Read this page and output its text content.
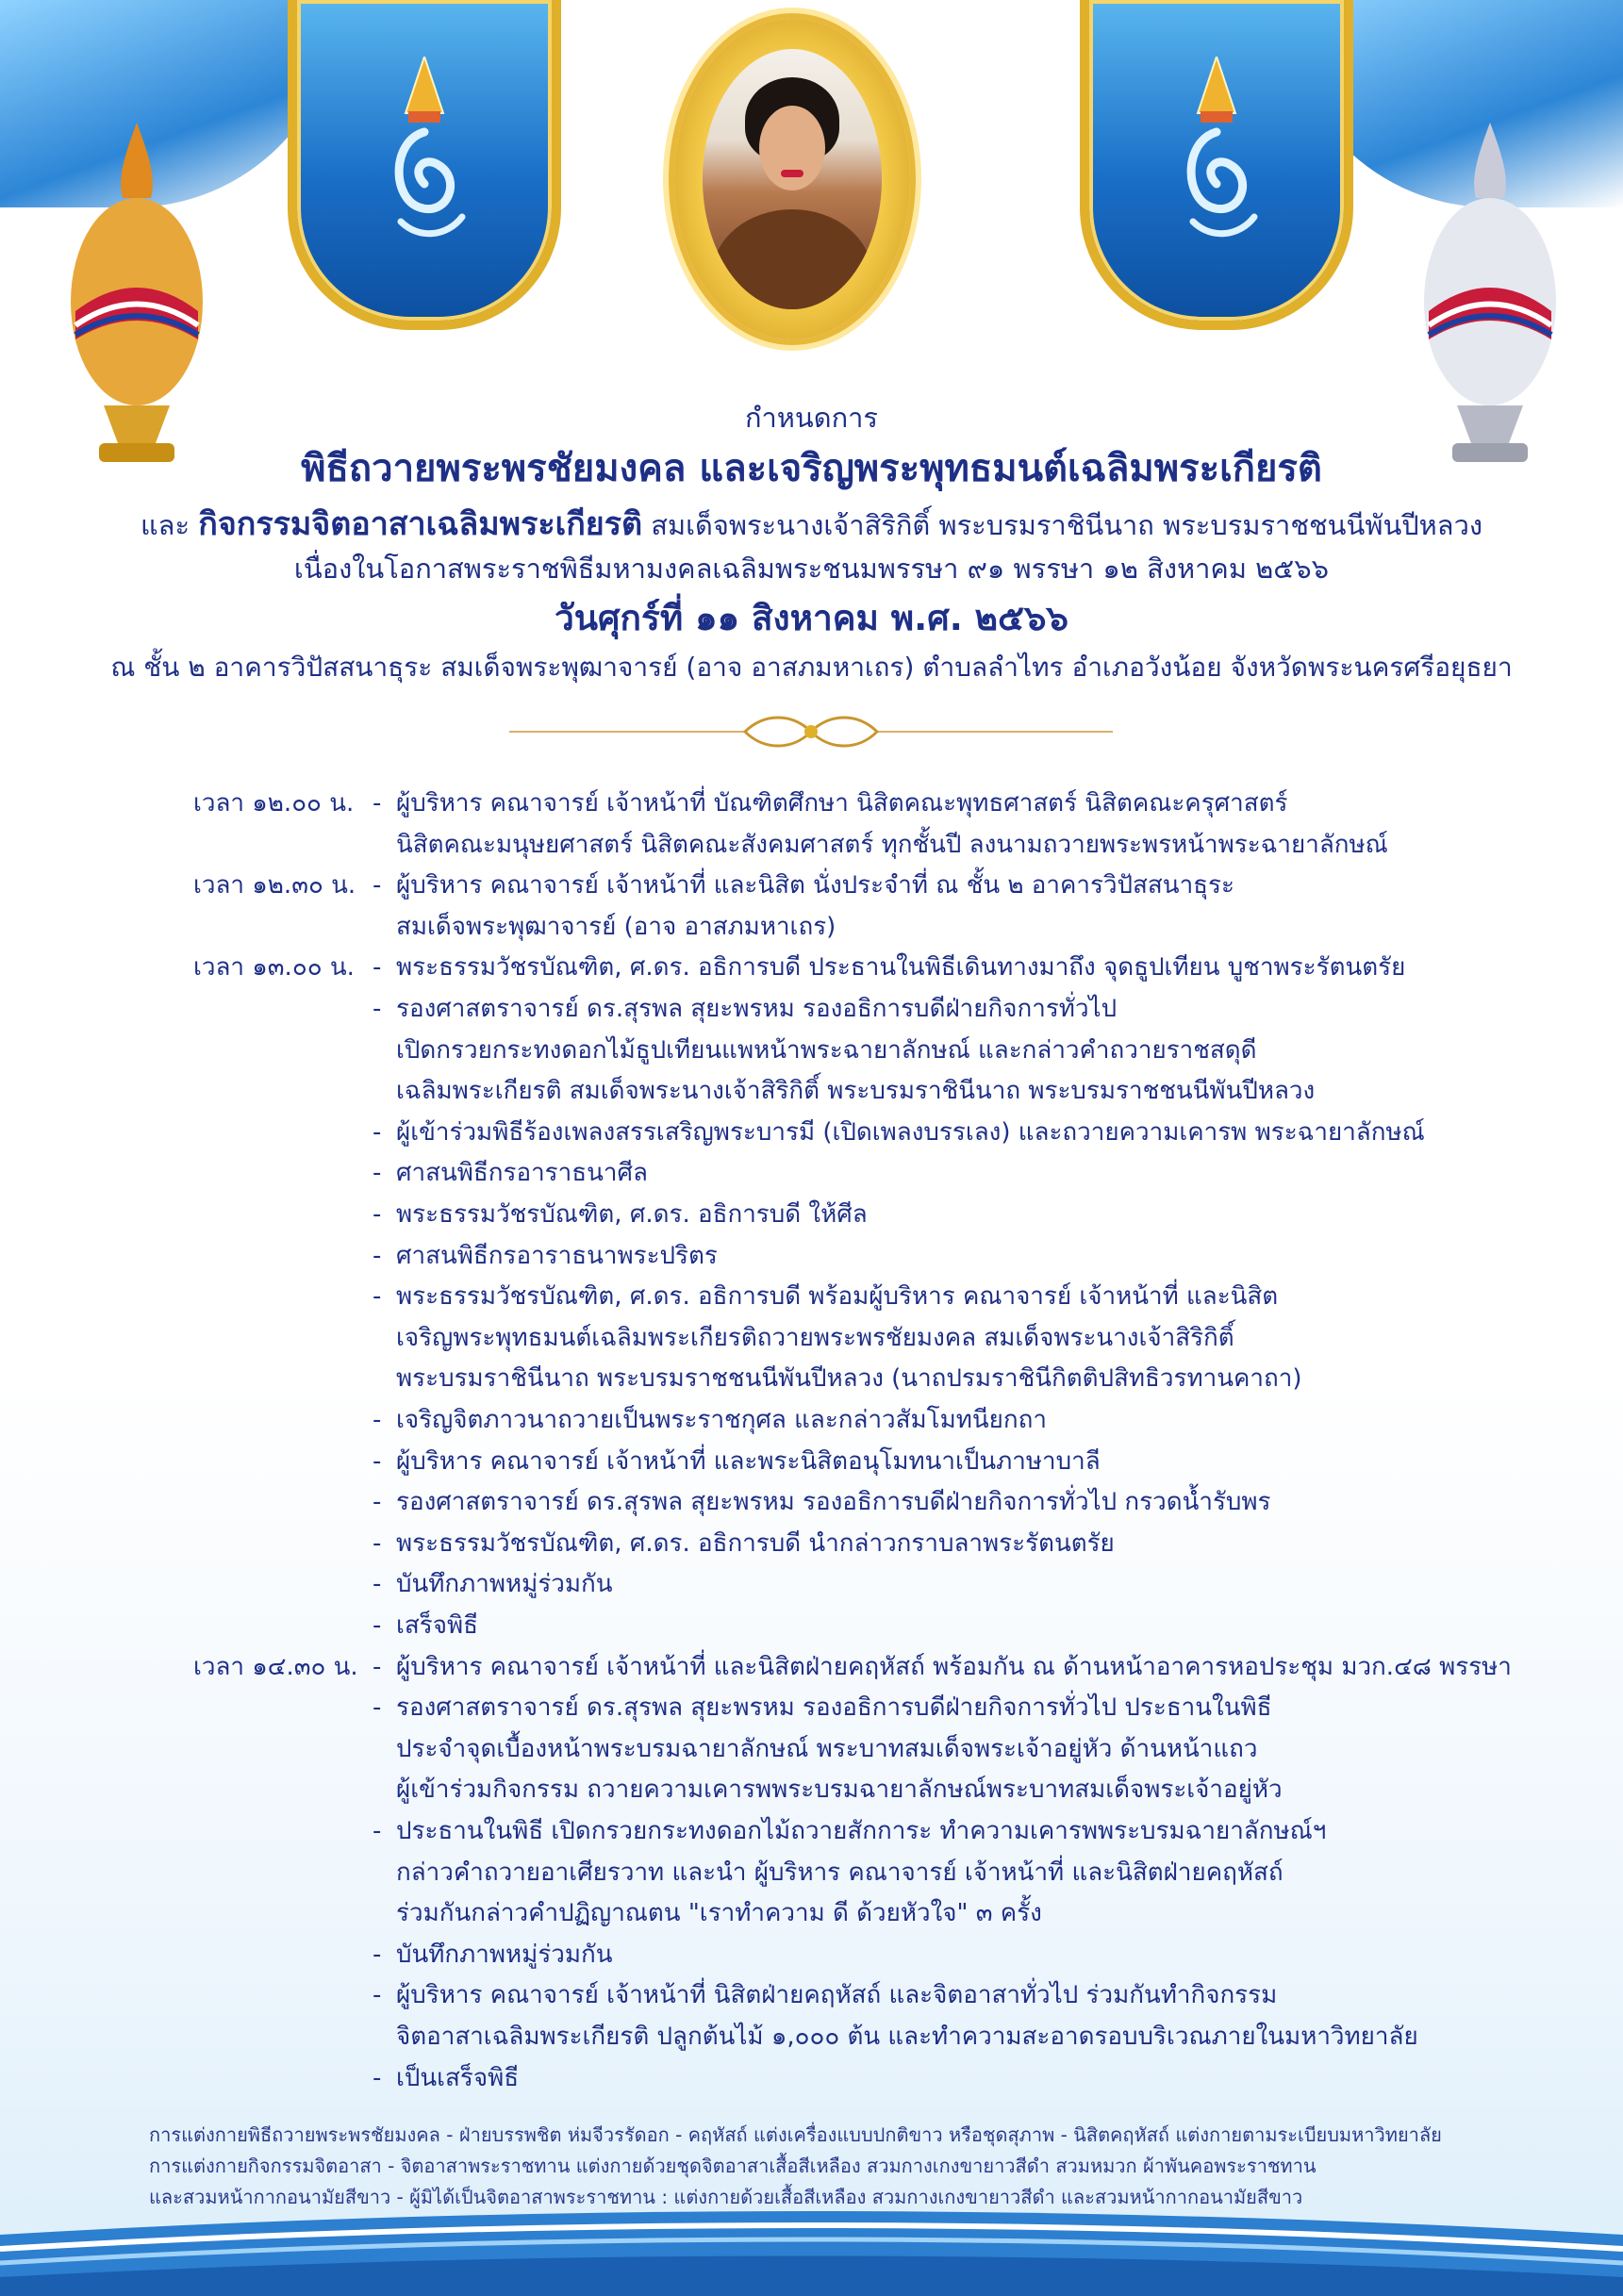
กำหนดการ
พิธีถวายพระพรชัยมงคล และเจริญพระพุทธมนต์เฉลิมพระเกียรติ
และ กิจกรรมจิตอาสาเฉลิมพระเกียรติ สมเด็จพระนางเจ้าสิริกิติ์ พระบรมราชินีนาถ พระบรมราชชนนีพันปีหลวง
เนื่องในโอกาสพระราชพิธีมหามงคลเฉลิมพระชนมพรรษา ๙๑ พรรษา ๑๒ สิงหาคม ๒๕๖๖
วันศุกร์ที่ ๑๑ สิงหาคม พ.ศ. ๒๕๖๖
ณ ชั้น ๒ อาคารวิปัสสนาธุระ สมเด็จพระพุฒาจารย์ (อาจ อาสภมหาเถร) ตำบลลำไทร อำเภอวังน้อย จังหวัดพระนครศรีอยุธยา
เวลา ๑๒.๐๐ น. - ผู้บริหาร คณาจารย์ เจ้าหน้าที่ บัณฑิตศึกษา นิสิตคณะพุทธศาสตร์ นิสิตคณะครุศาสตร์
นิสิตคณะมนุษยศาสตร์ นิสิตคณะสังคมศาสตร์ ทุกชั้นปี ลงนามถวายพระพรหน้าพระฉายาลักษณ์
เวลา ๑๒.๓๐ น. - ผู้บริหาร คณาจารย์ เจ้าหน้าที่ และนิสิต นั่งประจำที่ ณ ชั้น ๒ อาคารวิปัสสนาธุระ
สมเด็จพระพุฒาจารย์ (อาจ อาสภมหาเถร)
เวลา ๑๓.๐๐ น. - พระธรรมวัชรบัณฑิต, ศ.ดร. อธิการบดี ประธานในพิธีเดินทางมาถึง จุดธูปเทียน บูชาพระรัตนตรัย
- รองศาสตราจารย์ ดร.สุรพล สุยะพรหม รองอธิการบดีฝ่ายกิจการทั่วไป
เปิดกรวยกระทงดอกไม้ธูปเทียนแพหน้าพระฉายาลักษณ์ และกล่าวคำถวายราชสดุดี
เฉลิมพระเกียรติ สมเด็จพระนางเจ้าสิริกิติ์ พระบรมราชินีนาถ พระบรมราชชนนีพันปีหลวง
- ผู้เข้าร่วมพิธีร้องเพลงสรรเสริญพระบารมี (เปิดเพลงบรรเลง) และถวายความเคารพ พระฉายาลักษณ์
- ศาสนพิธีกรอาราธนาศีล
- พระธรรมวัชรบัณฑิต, ศ.ดร. อธิการบดี ให้ศีล
- ศาสนพิธีกรอาราธนาพระปริตร
- พระธรรมวัชรบัณฑิต, ศ.ดร. อธิการบดี พร้อมผู้บริหาร คณาจารย์ เจ้าหน้าที่ และนิสิต
เจริญพระพุทธมนต์เฉลิมพระเกียรติถวายพระพรชัยมงคล สมเด็จพระนางเจ้าสิริกิติ์
พระบรมราชินีนาถ พระบรมราชชนนีพันปีหลวง (นาถปรมราชินีกิตติปสิทธิวรทานคาถา)
- เจริญจิตภาวนาถวายเป็นพระราชกุศล และกล่าวสัมโมทนียกถา
- ผู้บริหาร คณาจารย์ เจ้าหน้าที่ และพระนิสิตอนุโมทนาเป็นภาษาบาลี
- รองศาสตราจารย์ ดร.สุรพล สุยะพรหม รองอธิการบดีฝ่ายกิจการทั่วไป กรวดน้ำรับพร
- พระธรรมวัชรบัณฑิต, ศ.ดร. อธิการบดี นำกล่าวกราบลาพระรัตนตรัย
- บันทึกภาพหมู่ร่วมกัน
- เสร็จพิธี
เวลา ๑๔.๓๐ น. - ผู้บริหาร คณาจารย์ เจ้าหน้าที่ และนิสิตฝ่ายคฤหัสถ์ พร้อมกัน ณ ด้านหน้าอาคารหอประชุม มวก.๔๘ พรรษา
- รองศาสตราจารย์ ดร.สุรพล สุยะพรหม รองอธิการบดีฝ่ายกิจการทั่วไป ประธานในพิธี
ประจำจุดเบื้องหน้าพระบรมฉายาลักษณ์ พระบาทสมเด็จพระเจ้าอยู่หัว ด้านหน้าแถว
ผู้เข้าร่วมกิจกรรม ถวายความเคารพพระบรมฉายาลักษณ์พระบาทสมเด็จพระเจ้าอยู่หัว
- ประธานในพิธี เปิดกรวยกระทงดอกไม้ถวายสักการะ ทำความเคารพพระบรมฉายาลักษณ์ฯ
กล่าวคำถวายอาเศียรวาท และนำ ผู้บริหาร คณาจารย์ เจ้าหน้าที่ และนิสิตฝ่ายคฤหัสถ์
ร่วมกันกล่าวคำปฏิญาณตน "เราทำความ ดี ด้วยหัวใจ" ๓ ครั้ง
- บันทึกภาพหมู่ร่วมกัน
- ผู้บริหาร คณาจารย์ เจ้าหน้าที่ นิสิตฝ่ายคฤหัสถ์ และจิตอาสาทั่วไป ร่วมกันทำกิจกรรม
จิตอาสาเฉลิมพระเกียรติ ปลูกต้นไม้ ๑,๐๐๐ ต้น และทำความสะอาดรอบบริเวณภายในมหาวิทยาลัย
- เป็นเสร็จพิธี
การแต่งกายพิธีถวายพระพรชัยมงคล - ฝ่ายบรรพชิต ห่มจีวรรัดอก - คฤหัสถ์ แต่งเครื่องแบบปกติขาว หรือชุดสุภาพ - นิสิตคฤหัสถ์ แต่งกายตามระเบียบมหาวิทยาลัย
การแต่งกายกิจกรรมจิตอาสา - จิตอาสาพระราชทาน แต่งกายด้วยชุดจิตอาสาเสื้อสีเหลือง สวมกางเกงขายาวสีดำ สวมหมวก ผ้าพันคอพระราชทาน
และสวมหน้ากากอนามัยสีขาว - ผู้มิได้เป็นจิตอาสาพระราชทาน : แต่งกายด้วยเสื้อสีเหลือง สวมกางเกงขายาวสีดำ และสวมหน้ากากอนามัยสีขาว
